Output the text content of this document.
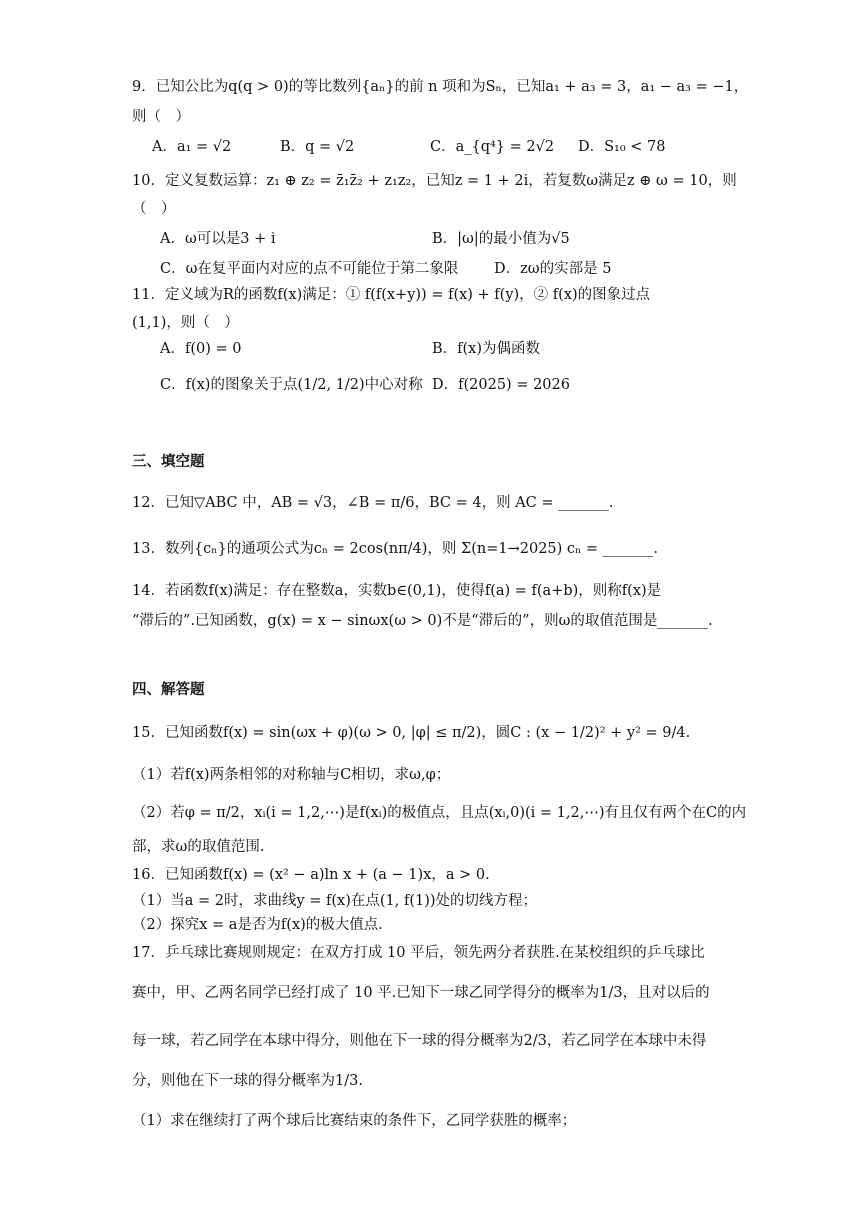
9．已知公比为q(q > 0)的等比数列{aₙ}的前 n 项和为Sₙ，已知a₁ + a₃ = 3，a₁ − a₃ = −1，
则（　）
A．a₁ = √2	B．q = √2	C．a_{q⁴} = 2√2 D．S₁₀ < 78
10．定义复数运算：z₁ ⊕ z₂ = z̄₁z̄₂ + z₁z₂，已知z = 1 + 2i，若复数ω满足z ⊕ ω = 10，则
（　）
A．ω可以是3 + i	B．|ω|的最小值为√5
C．ω在复平面内对应的点不可能位于第二象限 D．zω的实部是 5
11．定义域为R的函数f(x)满足：① f(f(x+y)) = f(x) + f(y)，② f(x)的图象过点
(1,1)，则（　）
A．f(0) = 0	B．f(x)为偶函数
C．f(x)的图象关于点(1/2, 1/2)中心对称 D．f(2025) = 2026
三、填空题
12．已知▽ABC 中，AB = √3，∠B = π/6，BC = 4，则 AC = _______.
13．数列{cₙ}的通项公式为cₙ = 2cos(nπ/4)，则 Σ(n=1→2025) cₙ = _______.
14．若函数f(x)满足：存在整数a，实数b∈(0,1)，使得f(a) = f(a+b)，则称f(x)是
“滞后的”.已知函数，g(x) = x − sinωx(ω > 0)不是“滞后的”，则ω的取值范围是_______.
四、解答题
15．已知函数f(x) = sin(ωx + φ)(ω > 0, |φ| ≤ π/2)，圆C : (x − 1/2)² + y² = 9/4.
（1）若f(x)两条相邻的对称轴与C相切，求ω,φ；
（2）若φ = π/2，xᵢ(i = 1,2,⋯)是f(xᵢ)的极值点，且点(xᵢ,0)(i = 1,2,⋯)有且仅有两个在C的内
部，求ω的取值范围.
16．已知函数f(x) = (x² − a)ln x + (a − 1)x，a > 0.
（1）当a = 2时，求曲线y = f(x)在点(1, f(1))处的切线方程；
（2）探究x = a是否为f(x)的极大值点.
17．乒乓球比赛规则规定：在双方打成 10 平后，领先两分者获胜.在某校组织的乒乓球比
赛中，甲、乙两名同学已经打成了 10 平.已知下一球乙同学得分的概率为1/3，且对以后的
每一球，若乙同学在本球中得分，则他在下一球的得分概率为2/3，若乙同学在本球中未得
分，则他在下一球的得分概率为1/3.
（1）求在继续打了两个球后比赛结束的条件下，乙同学获胜的概率；
